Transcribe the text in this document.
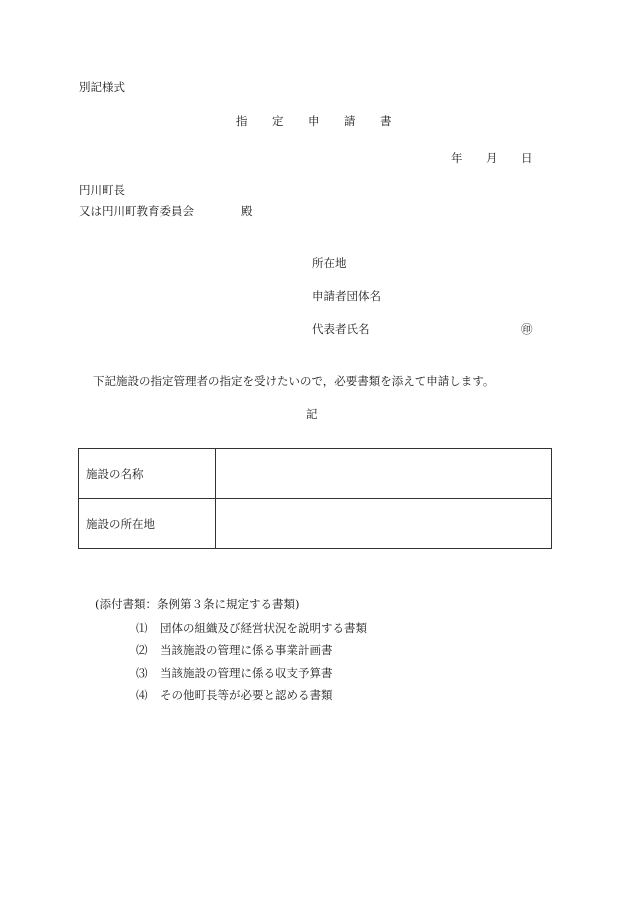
別記様式
指 定 申 請 書
年 月 日
円川町長
又は円川町教育委員会	殿
所在地
申請者団体名
代表者氏名	㊞
下記施設の指定管理者の指定を受けたいので，必要書類を添えて申請します。
記
施設の名称	
施設の所在地	
(添付書類：条例第３条に規定する書類)
⑴ 団体の組織及び経営状況を説明する書類
⑵ 当該施設の管理に係る事業計画書
⑶ 当該施設の管理に係る収支予算書
⑷ その他町長等が必要と認める書類
